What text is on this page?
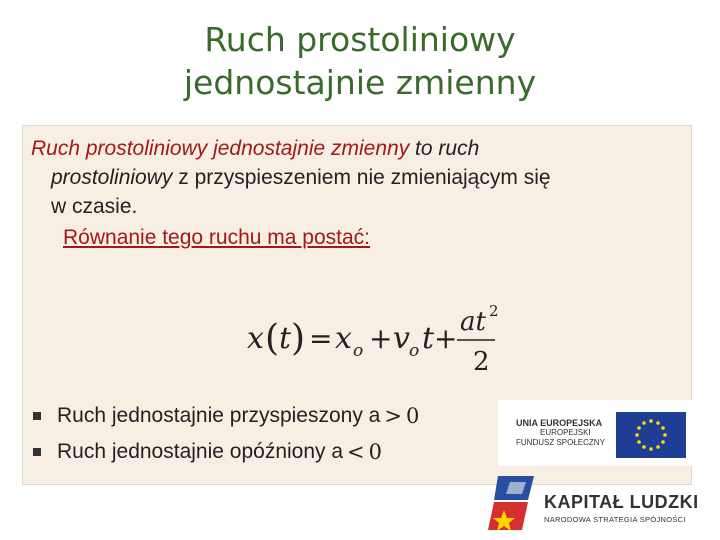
Ruch prostoliniowy
jednostajnie zmienny
Ruch prostoliniowy jednostajnie zmienny to ruch
prostoliniowy z przyspieszeniem nie zmieniającym się
w czasie.
Równanie tego ruchu ma postać:
x ( t ) = x o + v o t + at 2
2
Ruch jednostajnie przyspieszony a > 0
Ruch jednostajnie opóźniony a < 0
UNIA EUROPEJSKA
EUROPEJSKI
FUNDUSZ SPOŁECZNY
KAPITAŁ LUDZKI
NARODOWA STRATEGIA SPÓJNOŚCI
